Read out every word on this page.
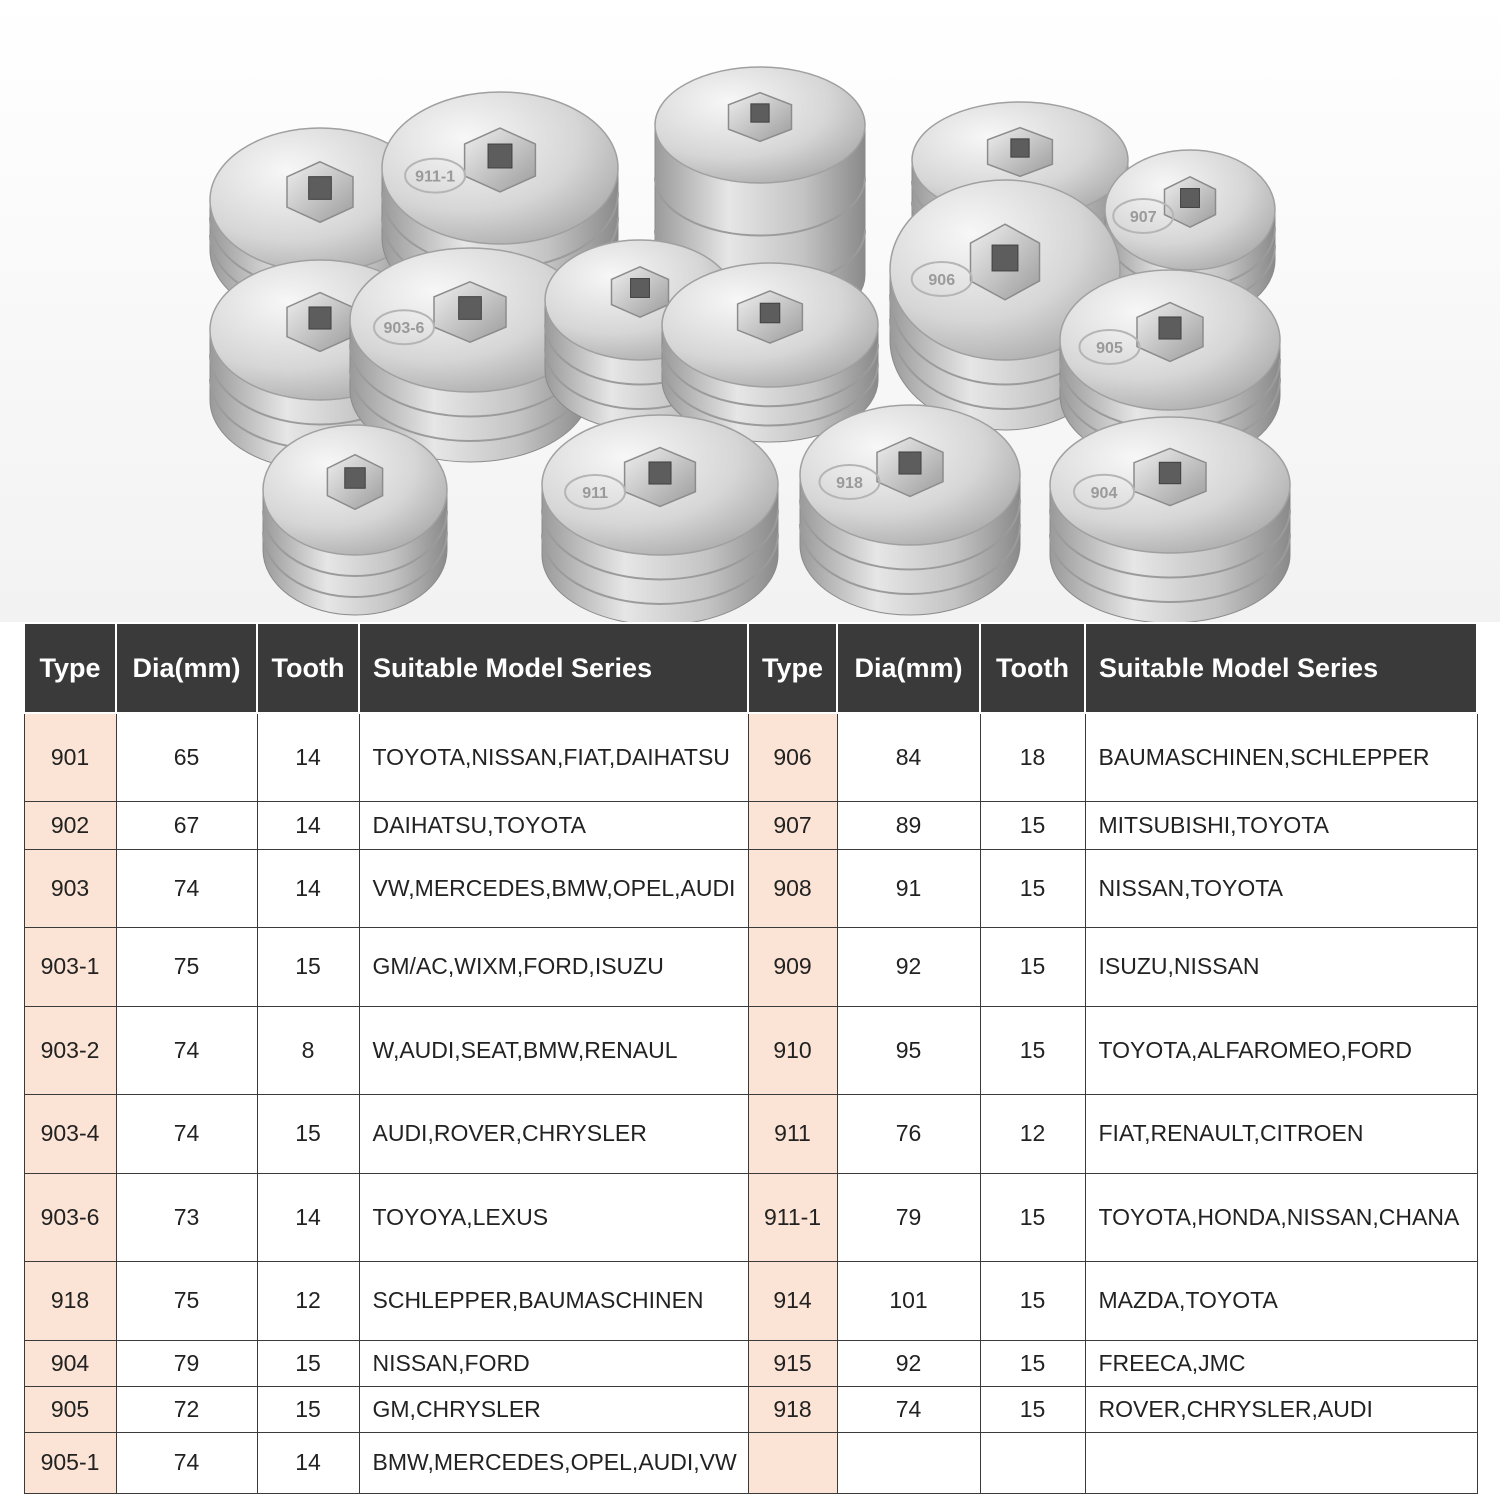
911-1
907
903-6
906
905
911
918
904
Type	Dia(mm)	Tooth	Suitable Model Series	Type	Dia(mm)	Tooth	Suitable Model Series
901	65	14	TOYOTA,NISSAN,FIAT,DAIHATSU	906	84	18	BAUMASCHINEN,SCHLEPPER
902	67	14	DAIHATSU,TOYOTA	907	89	15	MITSUBISHI,TOYOTA
903	74	14	VW,MERCEDES,BMW,OPEL,AUDI	908	91	15	NISSAN,TOYOTA
903-1	75	15	GM/AC,WIXM,FORD,ISUZU	909	92	15	ISUZU,NISSAN
903-2	74	8	W,AUDI,SEAT,BMW,RENAUL	910	95	15	TOYOTA,ALFAROMEO,FORD
903-4	74	15	AUDI,ROVER,CHRYSLER	911	76	12	FIAT,RENAULT,CITROEN
903-6	73	14	TOYOYA,LEXUS	911-1	79	15	TOYOTA,HONDA,NISSAN,CHANA
918	75	12	SCHLEPPER,BAUMASCHINEN	914	101	15	MAZDA,TOYOTA
904	79	15	NISSAN,FORD	915	92	15	FREECA,JMC
905	72	15	GM,CHRYSLER	918	74	15	ROVER,CHRYSLER,AUDI
905-1	74	14	BMW,MERCEDES,OPEL,AUDI,VW				
